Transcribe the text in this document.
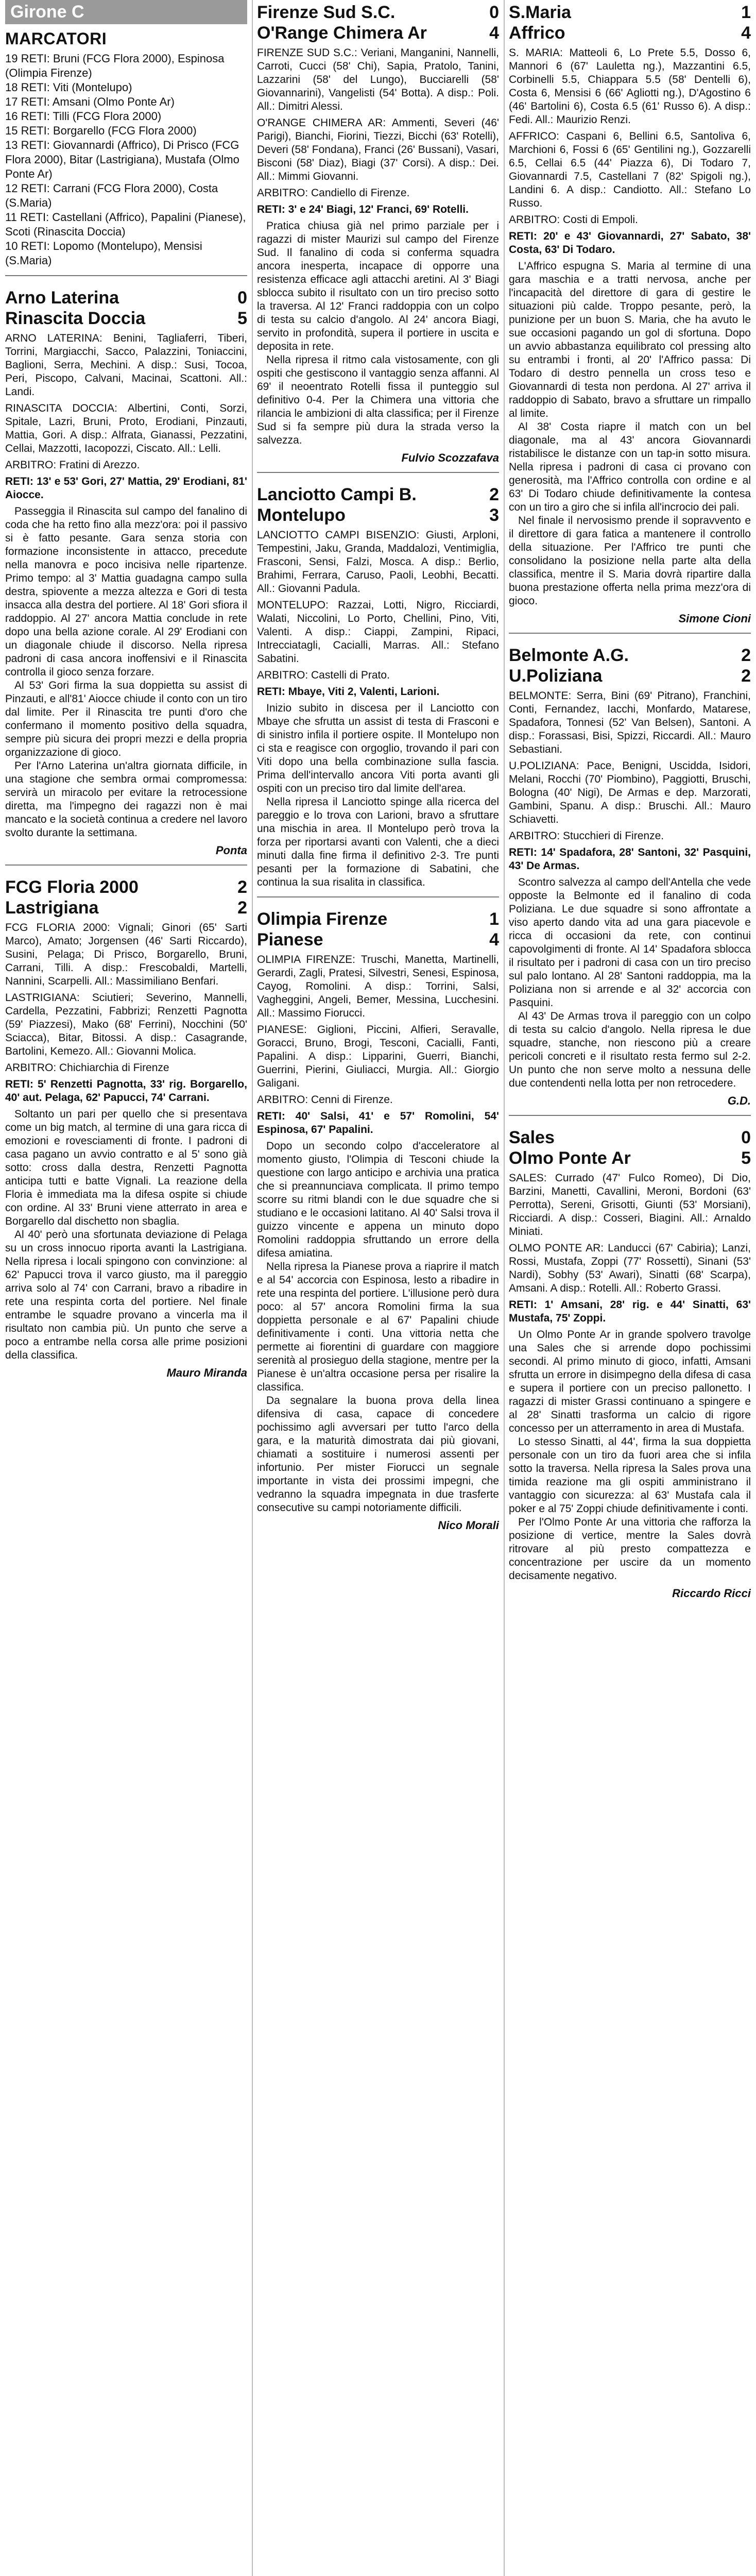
Girone C
MARCATORI

19 RETI: Bruni (FCG Flora 2000), Espinosa (Olimpia Firenze)

18 RETI: Viti (Montelupo)

17 RETI: Amsani (Olmo Ponte Ar)

16 RETI: Tilli (FCG Flora 2000)

15 RETI: Borgarello (FCG Flora 2000)

13 RETI: Giovannardi (Affrico), Di Prisco (FCG Flora 2000), Bitar (Lastrigiana), Mustafa (Olmo Ponte Ar)

12 RETI: Carrani (FCG Flora 2000), Costa (S.Maria)

11 RETI: Castellani (Affrico), Papalini (Pianese), Scoti (Rinascita Doccia)

10 RETI: Lopomo (Montelupo), Mensisi (S.Maria)

Arno Laterina	0
Rinascita Doccia	5

ARNO LATERINA: Benini, Tagliaferri, Tiberi, Torrini, Margiacchi, Sacco, Palazzini, Toniaccini, Baglioni, Serra, Mechini. A disp.: Susi, Tocoa, Peri, Piscopo, Calvani, Macinai, Scattoni. All.: Landi.

RINASCITA DOCCIA: Albertini, Conti, Sorzi, Spitale, Lazri, Bruni, Proto, Erodiani, Pinzauti, Mattia, Gori. A disp.: Alfrata, Gianassi, Pezzatini, Cellai, Mazzotti, Iacopozzi, Ciscato. All.: Lelli.

ARBITRO: Fratini di Arezzo.

RETI: 13' e 53' Gori, 27' Mattia, 29' Erodiani, 81' Aiocce.

Passeggia il Rinascita sul campo del fanalino di coda che ha retto fino alla mezz'ora: poi il passivo si è fatto pesante. Gara senza storia con formazione inconsistente in attacco, precedute nella manovra e poco incisiva nelle ripartenze. Primo tempo: al 3' Mattia guadagna campo sulla destra, spiovente a mezza altezza e Gori di testa insacca alla destra del portiere. Al 18' Gori sfiora il raddoppio. Al 27' ancora Mattia conclude in rete dopo una bella azione corale. Al 29' Erodiani con un diagonale chiude il discorso. Nella ripresa padroni di casa ancora inoffensivi e il Rinascita controlla il gioco senza forzare.

Al 53' Gori firma la sua doppietta su assist di Pinzauti, e all'81' Aiocce chiude il conto con un tiro dal limite. Per il Rinascita tre punti d'oro che confermano il momento positivo della squadra, sempre più sicura dei propri mezzi e della propria organizzazione di gioco.

Per l'Arno Laterina un'altra giornata difficile, in una stagione che sembra ormai compromessa: servirà un miracolo per evitare la retrocessione diretta, ma l'impegno dei ragazzi non è mai mancato e la società continua a credere nel lavoro svolto durante la settimana.

Ponta
FCG Floria 2000	2
Lastrigiana	2

FCG FLORIA 2000: Vignali; Ginori (65' Sarti Marco), Amato; Jorgensen (46' Sarti Riccardo), Susini, Pelaga; Di Prisco, Borgarello, Bruni, Carrani, Tilli. A disp.: Frescobaldi, Martelli, Nannini, Scarpelli. All.: Massimiliano Benfari.

LASTRIGIANA: Sciutieri; Severino, Mannelli, Cardella, Pezzatini, Fabbrizi; Renzetti Pagnotta (59' Piazzesi), Mako (68' Ferrini), Nocchini (50' Sciacca), Bitar, Bitossi. A disp.: Casagrande, Bartolini, Kemezo. All.: Giovanni Molica.

ARBITRO: Chichiarchia di Firenze

RETI: 5' Renzetti Pagnotta, 33' rig. Borgarello, 40' aut. Pelaga, 62' Papucci, 74' Carrani.

Soltanto un pari per quello che si presentava come un big match, al termine di una gara ricca di emozioni e rovesciamenti di fronte. I padroni di casa pagano un avvio contratto e al 5' sono già sotto: cross dalla destra, Renzetti Pagnotta anticipa tutti e batte Vignali. La reazione della Floria è immediata ma la difesa ospite si chiude con ordine. Al 33' Bruni viene atterrato in area e Borgarello dal dischetto non sbaglia.

Al 40' però una sfortunata deviazione di Pelaga su un cross innocuo riporta avanti la Lastrigiana. Nella ripresa i locali spingono con convinzione: al 62' Papucci trova il varco giusto, ma il pareggio arriva solo al 74' con Carrani, bravo a ribadire in rete una respinta corta del portiere. Nel finale entrambe le squadre provano a vincerla ma il risultato non cambia più. Un punto che serve a poco a entrambe nella corsa alle prime posizioni della classifica.

Mauro Miranda
Firenze Sud S.C.	0
O'Range Chimera Ar	4

FIRENZE SUD S.C.: Veriani, Manganini, Nannelli, Carroti, Cucci (58' Chi), Sapia, Pratolo, Tanini, Lazzarini (58' del Lungo), Bucciarelli (58' Giovannarini), Vangelisti (54' Botta). A disp.: Poli. All.: Dimitri Alessi.

O'RANGE CHIMERA AR: Ammenti, Severi (46' Parigi), Bianchi, Fiorini, Tiezzi, Bicchi (63' Rotelli), Deveri (58' Fondana), Franci (26' Bussani), Vasari, Bisconi (58' Diaz), Biagi (37' Corsi). A disp.: Dei. All.: Mimmi Giovanni.

ARBITRO: Candiello di Firenze.

RETI: 3' e 24' Biagi, 12' Franci, 69' Rotelli.

Pratica chiusa già nel primo parziale per i ragazzi di mister Maurizi sul campo del Firenze Sud. Il fanalino di coda si conferma squadra ancora inesperta, incapace di opporre una resistenza efficace agli attacchi aretini. Al 3' Biagi sblocca subito il risultato con un tiro preciso sotto la traversa. Al 12' Franci raddoppia con un colpo di testa su calcio d'angolo. Al 24' ancora Biagi, servito in profondità, supera il portiere in uscita e deposita in rete.

Nella ripresa il ritmo cala vistosamente, con gli ospiti che gestiscono il vantaggio senza affanni. Al 69' il neoentrato Rotelli fissa il punteggio sul definitivo 0-4. Per la Chimera una vittoria che rilancia le ambizioni di alta classifica; per il Firenze Sud si fa sempre più dura la strada verso la salvezza.

Fulvio Scozzafava
Lanciotto Campi B.	2
Montelupo	3

LANCIOTTO CAMPI BISENZIO: Giusti, Arploni, Tempestini, Jaku, Granda, Maddalozi, Ventimiglia, Frasconi, Sensi, Falzi, Mosca. A disp.: Berlio, Brahimi, Ferrara, Caruso, Paoli, Leobhi, Becatti. All.: Giovanni Padula.

MONTELUPO: Razzai, Lotti, Nigro, Ricciardi, Walati, Niccolini, Lo Porto, Chellini, Pino, Viti, Valenti. A disp.: Ciappi, Zampini, Ripaci, Intrecciatagli, Cacialli, Marras. All.: Stefano Sabatini.

ARBITRO: Castelli di Prato.

RETI: Mbaye, Viti 2, Valenti, Larioni.

Inizio subito in discesa per il Lanciotto con Mbaye che sfrutta un assist di testa di Frasconi e di sinistro infila il portiere ospite. Il Montelupo non ci sta e reagisce con orgoglio, trovando il pari con Viti dopo una bella combinazione sulla fascia. Prima dell'intervallo ancora Viti porta avanti gli ospiti con un preciso tiro dal limite dell'area.

Nella ripresa il Lanciotto spinge alla ricerca del pareggio e lo trova con Larioni, bravo a sfruttare una mischia in area. Il Montelupo però trova la forza per riportarsi avanti con Valenti, che a dieci minuti dalla fine firma il definitivo 2-3. Tre punti pesanti per la formazione di Sabatini, che continua la sua risalita in classifica.

Olimpia Firenze	1
Pianese	4

OLIMPIA FIRENZE: Truschi, Manetta, Martinelli, Gerardi, Zagli, Pratesi, Silvestri, Senesi, Espinosa, Cayog, Romolini. A disp.: Torrini, Salsi, Vagheggini, Angeli, Bemer, Messina, Lucchesini. All.: Massimo Fiorucci.

PIANESE: Giglioni, Piccini, Alfieri, Seravalle, Goracci, Bruno, Brogi, Tesconi, Cacialli, Fanti, Papalini. A disp.: Lipparini, Guerri, Bianchi, Guerrini, Pierini, Giuliacci, Murgia. All.: Giorgio Galigani.

ARBITRO: Cenni di Firenze.

RETI: 40' Salsi, 41' e 57' Romolini, 54' Espinosa, 67' Papalini.

Dopo un secondo colpo d'acceleratore al momento giusto, l'Olimpia di Tesconi chiude la questione con largo anticipo e archivia una pratica che si preannunciava complicata. Il primo tempo scorre su ritmi blandi con le due squadre che si studiano e le occasioni latitano. Al 40' Salsi trova il guizzo vincente e appena un minuto dopo Romolini raddoppia sfruttando un errore della difesa amiatina.

Nella ripresa la Pianese prova a riaprire il match e al 54' accorcia con Espinosa, lesto a ribadire in rete una respinta del portiere. L'illusione però dura poco: al 57' ancora Romolini firma la sua doppietta personale e al 67' Papalini chiude definitivamente i conti. Una vittoria netta che permette ai fiorentini di guardare con maggiore serenità al prosieguo della stagione, mentre per la Pianese è un'altra occasione persa per risalire la classifica.

Da segnalare la buona prova della linea difensiva di casa, capace di concedere pochissimo agli avversari per tutto l'arco della gara, e la maturità dimostrata dai più giovani, chiamati a sostituire i numerosi assenti per infortunio. Per mister Fiorucci un segnale importante in vista dei prossimi impegni, che vedranno la squadra impegnata in due trasferte consecutive su campi notoriamente difficili.

Nico Morali
S.Maria	1
Affrico	4

S. MARIA: Matteoli 6, Lo Prete 5.5, Dosso 6, Mannori 6 (67' Lauletta ng.), Mazzantini 6.5, Corbinelli 5.5, Chiappara 5.5 (58' Dentelli 6), Costa 6, Mensisi 6 (66' Agliotti ng.), D'Agostino 6 (46' Bartolini 6), Costa 6.5 (61' Russo 6). A disp.: Fedi. All.: Maurizio Renzi.

AFFRICO: Caspani 6, Bellini 6.5, Santoliva 6, Marchioni 6, Fossi 6 (65' Gentilini ng.), Gozzarelli 6.5, Cellai 6.5 (44' Piazza 6), Di Todaro 7, Giovannardi 7.5, Castellani 7 (82' Spigoli ng.), Landini 6. A disp.: Candiotto. All.: Stefano Lo Russo.

ARBITRO: Costi di Empoli.

RETI: 20' e 43' Giovannardi, 27' Sabato, 38' Costa, 63' Di Todaro.

L'Affrico espugna S. Maria al termine di una gara maschia e a tratti nervosa, anche per l'incapacità del direttore di gara di gestire le situazioni più calde. Troppo pesante, però, la punizione per un buon S. Maria, che ha avuto le sue occasioni pagando un gol di sfortuna. Dopo un avvio abbastanza equilibrato col pressing alto su entrambi i fronti, al 20' l'Affrico passa: Di Todaro di destro pennella un cross teso e Giovannardi di testa non perdona. Al 27' arriva il raddoppio di Sabato, bravo a sfruttare un rimpallo al limite.

Al 38' Costa riapre il match con un bel diagonale, ma al 43' ancora Giovannardi ristabilisce le distanze con un tap-in sotto misura. Nella ripresa i padroni di casa ci provano con generosità, ma l'Affrico controlla con ordine e al 63' Di Todaro chiude definitivamente la contesa con un tiro a giro che si infila all'incrocio dei pali.

Nel finale il nervosismo prende il sopravvento e il direttore di gara fatica a mantenere il controllo della situazione. Per l'Affrico tre punti che consolidano la posizione nella parte alta della classifica, mentre il S. Maria dovrà ripartire dalla buona prestazione offerta nella prima mezz'ora di gioco.

Simone Cioni
Belmonte A.G.	2
U.Poliziana	2

BELMONTE: Serra, Bini (69' Pitrano), Franchini, Conti, Fernandez, Iacchi, Monfardo, Matarese, Spadafora, Tonnesi (52' Van Belsen), Santoni. A disp.: Forassasi, Bisi, Spizzi, Riccardi. All.: Mauro Sebastiani.

U.POLIZIANA: Pace, Benigni, Uscidda, Isidori, Melani, Rocchi (70' Piombino), Paggiotti, Bruschi, Bologna (40' Nigi), De Armas e dep. Marzorati, Gambini, Spanu. A disp.: Bruschi. All.: Mauro Schiavetti.

ARBITRO: Stucchieri di Firenze.

RETI: 14' Spadafora, 28' Santoni, 32' Pasquini, 43' De Armas.

Scontro salvezza al campo dell'Antella che vede opposte la Belmonte ed il fanalino di coda Poliziana. Le due squadre si sono affrontate a viso aperto dando vita ad una gara piacevole e ricca di occasioni da rete, con continui capovolgimenti di fronte. Al 14' Spadafora sblocca il risultato per i padroni di casa con un tiro preciso sul palo lontano. Al 28' Santoni raddoppia, ma la Poliziana non si arrende e al 32' accorcia con Pasquini.

Al 43' De Armas trova il pareggio con un colpo di testa su calcio d'angolo. Nella ripresa le due squadre, stanche, non riescono più a creare pericoli concreti e il risultato resta fermo sul 2-2. Un punto che non serve molto a nessuna delle due contendenti nella lotta per non retrocedere.

G.D.
Sales	0
Olmo Ponte Ar	5

SALES: Currado (47' Fulco Romeo), Di Dio, Barzini, Manetti, Cavallini, Meroni, Bordoni (63' Perrotta), Sereni, Grisotti, Giunti (53' Morsiani), Ricciardi. A disp.: Cosseri, Biagini. All.: Arnaldo Miniati.

OLMO PONTE AR: Landucci (67' Cabiria); Lanzi, Rossi, Mustafa, Zoppi (77' Rossetti), Sinani (53' Nardi), Sobhy (53' Awari), Sinatti (68' Scarpa), Amsani. A disp.: Rotelli. All.: Roberto Grassi.

RETI: 1' Amsani, 28' rig. e 44' Sinatti, 63' Mustafa, 75' Zoppi.

Un Olmo Ponte Ar in grande spolvero travolge una Sales che si arrende dopo pochissimi secondi. Al primo minuto di gioco, infatti, Amsani sfrutta un errore in disimpegno della difesa di casa e supera il portiere con un preciso pallonetto. I ragazzi di mister Grassi continuano a spingere e al 28' Sinatti trasforma un calcio di rigore concesso per un atterramento in area di Mustafa.

Lo stesso Sinatti, al 44', firma la sua doppietta personale con un tiro da fuori area che si infila sotto la traversa. Nella ripresa la Sales prova una timida reazione ma gli ospiti amministrano il vantaggio con sicurezza: al 63' Mustafa cala il poker e al 75' Zoppi chiude definitivamente i conti.

Per l'Olmo Ponte Ar una vittoria che rafforza la posizione di vertice, mentre la Sales dovrà ritrovare al più presto compattezza e concentrazione per uscire da un momento decisamente negativo.

Riccardo Ricci
